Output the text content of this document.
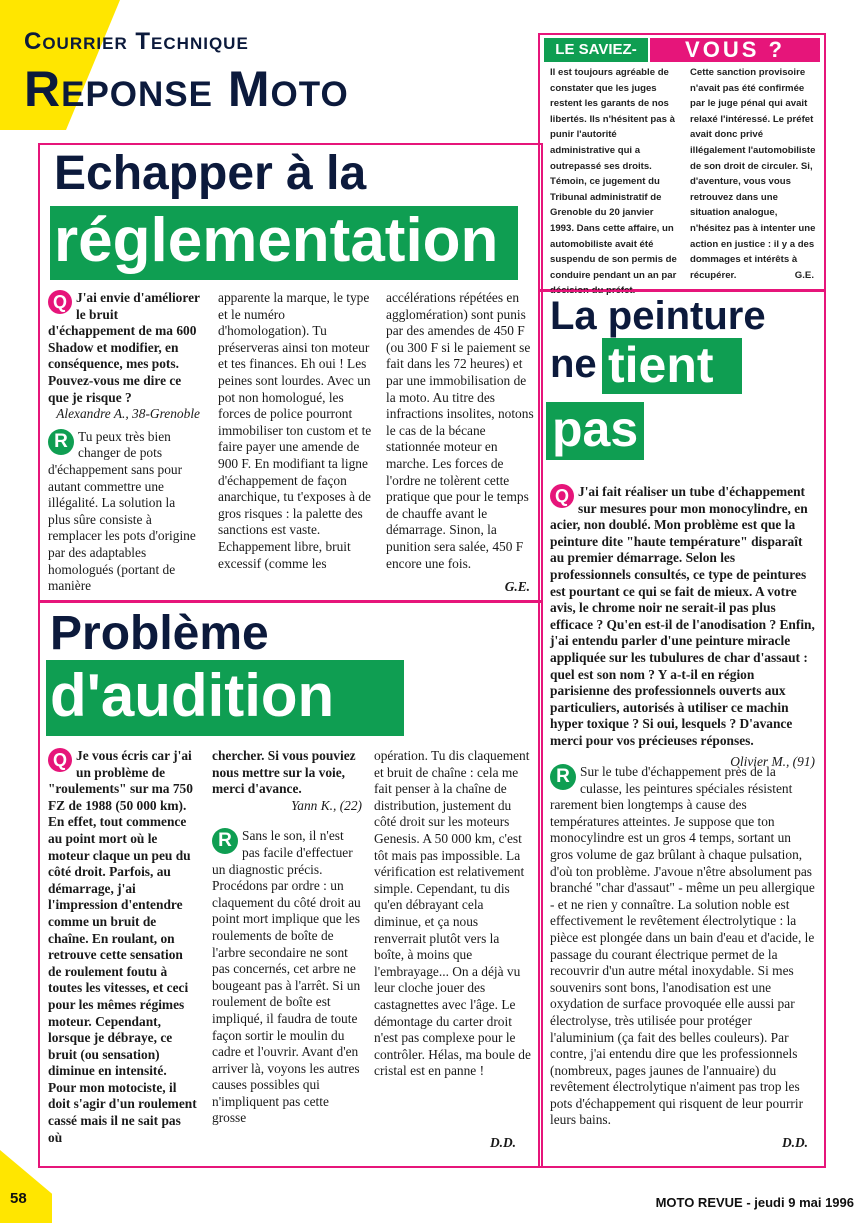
Courrier Technique
Reponse Moto
LE SAVIEZ-	VOUS ?
Il est toujours agréable de constater que les juges restent les garants de nos libertés. Ils n'hésitent pas à punir l'autorité administrative qui a outrepassé ses droits. Témoin, ce jugement du Tribunal administratif de Grenoble du 20 janvier 1993. Dans cette affaire, un automobiliste avait été suspendu de son permis de conduire pendant un an par décision du préfet.
Cette sanction provisoire n'avait pas été confirmée par le juge pénal qui avait relaxé l'intéressé. Le préfet avait donc privé illégalement l'automobiliste de son droit de circuler. Si, d'aventure, vous vous retrouvez dans une situation analogue, n'hésitez pas à intenter une action en justice : il y a des dommages et intérêts à récupérer.	G.E.
Echapper à la
réglementation
Q J'ai envie d'améliorer le bruit d'échappement de ma 600 Shadow et modifier, en conséquence, mes pots. Pouvez-vous me dire ce que je risque ?
Alexandre A., 38-Grenoble
R Tu peux très bien changer de pots d'échappement sans pour autant commettre une illégalité. La solution la plus sûre consiste à remplacer les pots d'origine par des adaptables homologués (portant de manière
apparente la marque, le type et le numéro d'homologation). Tu préserveras ainsi ton moteur et tes finances. Eh oui ! Les peines sont lourdes. Avec un pot non homologué, les forces de police pourront immobiliser ton custom et te faire payer une amende de 900 F. En modifiant ta ligne d'échappement de façon anarchique, tu t'exposes à de gros risques : la palette des sanctions est vaste. Echappement libre, bruit excessif (comme les
accélérations répétées en agglomération) sont punis par des amendes de 450 F (ou 300 F si le paiement se fait dans les 72 heures) et par une immobilisation de la moto. Au titre des infractions insolites, notons le cas de la bécane stationnée moteur en marche. Les forces de l'ordre ne tolèrent cette pratique que pour le temps de chauffe avant le démarrage. Sinon, la punition sera salée, 450 F encore une fois.
G.E.
Problème
d'audition
Q Je vous écris car j'ai un problème de "roulements" sur ma 750 FZ de 1988 (50 000 km). En effet, tout commence au point mort où le moteur claque un peu du côté droit. Parfois, au démarrage, j'ai l'impression d'entendre comme un bruit de chaîne. En roulant, on retrouve cette sensation de roulement foutu à toutes les vitesses, et ceci pour les mêmes régimes moteur. Cependant, lorsque je débraye, ce bruit (ou sensation) diminue en intensité. Pour mon motociste, il doit s'agir d'un roulement cassé mais il ne sait pas où
chercher. Si vous pouviez nous mettre sur la voie, merci d'avance.
Yann K., (22)
R Sans le son, il n'est pas facile d'effectuer un diagnostic précis. Procédons par ordre : un claquement du côté droit au point mort implique que les roulements de boîte de l'arbre secondaire ne sont pas concernés, cet arbre ne bougeant pas à l'arrêt. Si un roulement de boîte est impliqué, il faudra de toute façon sortir le moulin du cadre et l'ouvrir. Avant d'en arriver là, voyons les autres causes possibles qui n'impliquent pas cette grosse
opération. Tu dis claquement et bruit de chaîne : cela me fait penser à la chaîne de distribution, justement du côté droit sur les moteurs Genesis. A 50 000 km, c'est tôt mais pas impossible. La vérification est relativement simple. Cependant, tu dis qu'en débrayant cela diminue, et ça nous renverrait plutôt vers la boîte, à moins que l'embrayage... On a déjà vu leur cloche jouer des castagnettes avec l'âge. Le démontage du carter droit n'est pas complexe pour le contrôler. Hélas, ma boule de cristal est en panne !
D.D.
La peinture
ne tient
pas
Q J'ai fait réaliser un tube d'échappement sur mesures pour mon monocylindre, en acier, non doublé. Mon problème est que la peinture dite "haute température" disparaît au premier démarrage. Selon les professionnels consultés, ce type de peintures est pourtant ce qui se fait de mieux. A votre avis, le chrome noir ne serait-il pas plus efficace ? Qu'en est-il de l'anodisation ? Enfin, j'ai entendu parler d'une peinture miracle appliquée sur les tubulures de char d'assaut : quel est son nom ? Y a-t-il en région parisienne des professionnels ouverts aux particuliers, autorisés à utiliser ce machin hyper toxique ? Si oui, lesquels ? D'avance merci pour vos précieuses réponses.
Olivier M., (91)
R Sur le tube d'échappement près de la culasse, les peintures spéciales résistent rarement bien longtemps à cause des températures atteintes. Je suppose que ton monocylindre est un gros 4 temps, sortant un gros volume de gaz brûlant à chaque pulsation, d'où ton problème. J'avoue n'être absolument pas branché "char d'assaut" - même un peu allergique - et ne rien y connaître. La solution noble est effectivement le revêtement électrolytique : la pièce est plongée dans un bain d'eau et d'acide, le passage du courant électrique permet de la recouvrir d'un autre métal inoxydable. Si mes souvenirs sont bons, l'anodisation est une oxydation de surface provoquée elle aussi par électrolyse, très utilisée pour protéger l'aluminium (ça fait des belles couleurs). Par contre, j'ai entendu dire que les professionnels (nombreux, pages jaunes de l'annuaire) du revêtement électrolytique n'aiment pas trop les pots d'échappement qui risquent de leur pourrir leurs bains.
D.D.
58	MOTO REVUE - jeudi 9 mai 1996
